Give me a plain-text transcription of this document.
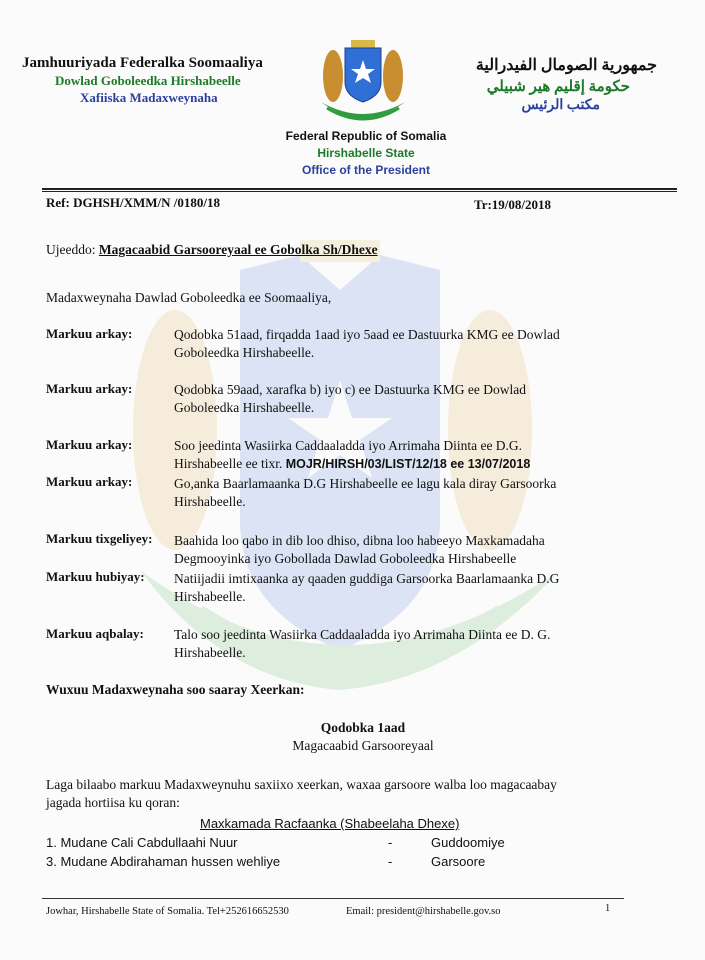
Jamhuuriyada Federalka Soomaaliya
Dowlad Goboleedka Hirshabeelle
Xafiiska Madaxweynaha
جمهورية الصومال الفيدرالية
حكومة إقليم هير شبيلي
مكتب الرئيس
Federal Republic of Somalia
Hirshabelle State
Office of the President
Ref: DGHSH/XMM/N /0180/18	Tr:19/08/2018
Ujeeddo: Magacaabid Garsooreyaal ee Gobolka Sh/Dhexe
Madaxweynaha Dawlad Goboleedka ee Soomaaliya,
Markuu arkay:	Qodobka 51aad, firqadda 1aad iyo 5aad ee Dastuurka KMG ee Dowlad
Goboleedka Hirshabeelle.
Markuu arkay:	Qodobka 59aad, xarafka b) iyo c) ee Dastuurka KMG ee Dowlad
Goboleedka Hirshabeelle.
Markuu arkay:	Soo jeedinta Wasiirka Caddaaladda iyo Arrimaha Diinta ee D.G.
Hirshabeelle ee tixr. MOJR/HIRSH/03/LIST/12/18 ee 13/07/2018
Markuu arkay:	Go,anka Baarlamaanka D.G Hirshabeelle ee lagu kala diray Garsoorka
Hirshabeelle.
Markuu tixgeliyey: Baahida loo qabo in dib loo dhiso, dibna loo habeeyo Maxkamadaha
Degmooyinka iyo Gobollada Dawlad Goboleedka Hirshabeelle
Markuu hubiyay: Natiijadii imtixaanka ay qaaden guddiga Garsoorka Baarlamaanka D.G
Hirshabeelle.
Markuu aqbalay: Talo soo jeedinta Wasiirka Caddaaladda iyo Arrimaha Diinta ee D. G.
Hirshabeelle.
Wuxuu Madaxweynaha soo saaray Xeerkan:
Qodobka 1aad
Magacaabid Garsooreyaal
Laga bilaabo markuu Madaxweynuhu saxiixo xeerkan, waxaa garsoore walba loo magacaabay
jagada hortiisa ku qoran:
Maxkamada Racfaanka (Shabeelaha Dhexe)
1. Mudane Cali Cabdullaahi Nuur	-	Guddoomiye
3. Mudane Abdirahaman hussen wehliye	-	Garsoore
Jowhar, Hirshabelle State of Somalia. Tel+252616652530	Email: president@hirshabelle.gov.so	1
